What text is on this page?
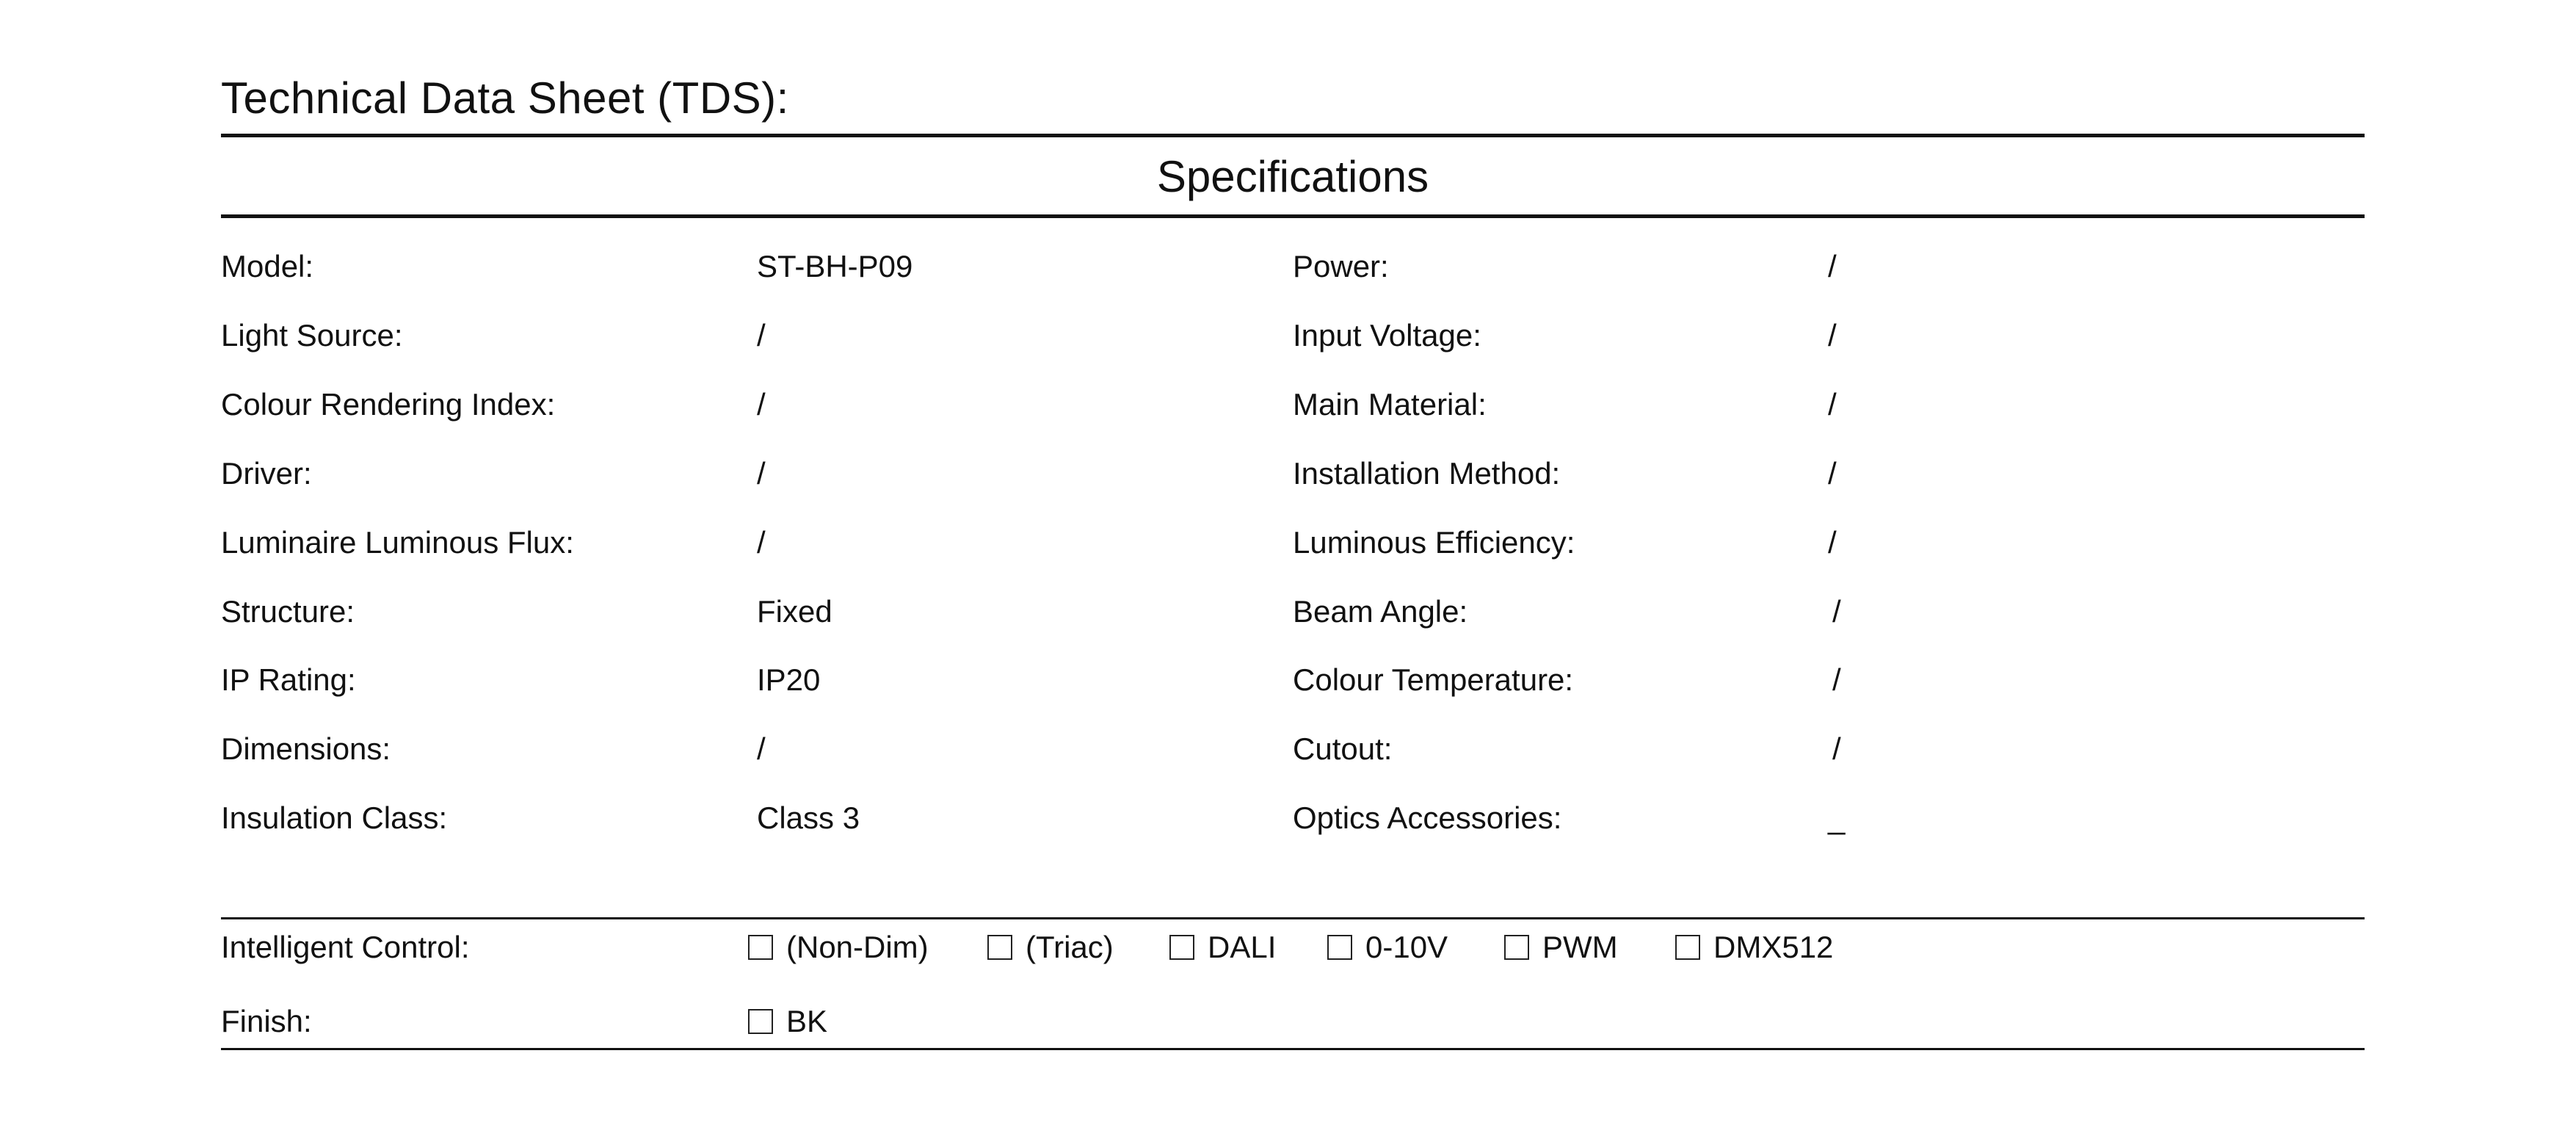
Technical Data Sheet (TDS):
Specifications
Model:	ST-BH-P09	Power:	/
Light Source:	/	Input Voltage:	/
Colour Rendering Index:	/	Main Material:	/
Driver:	/	Installation Method:	/
Luminaire Luminous Flux:	/	Luminous Efficiency:	/
Structure:	Fixed	Beam Angle:	/
IP Rating:	IP20	Colour Temperature:	/
Dimensions:	/	Cutout:	/
Insulation Class:	Class 3	Optics Accessories:	_
Intelligent Control:	(Non-Dim)	(Triac)	DALI	0-10V	PWM	DMX512
Finish:	BK
